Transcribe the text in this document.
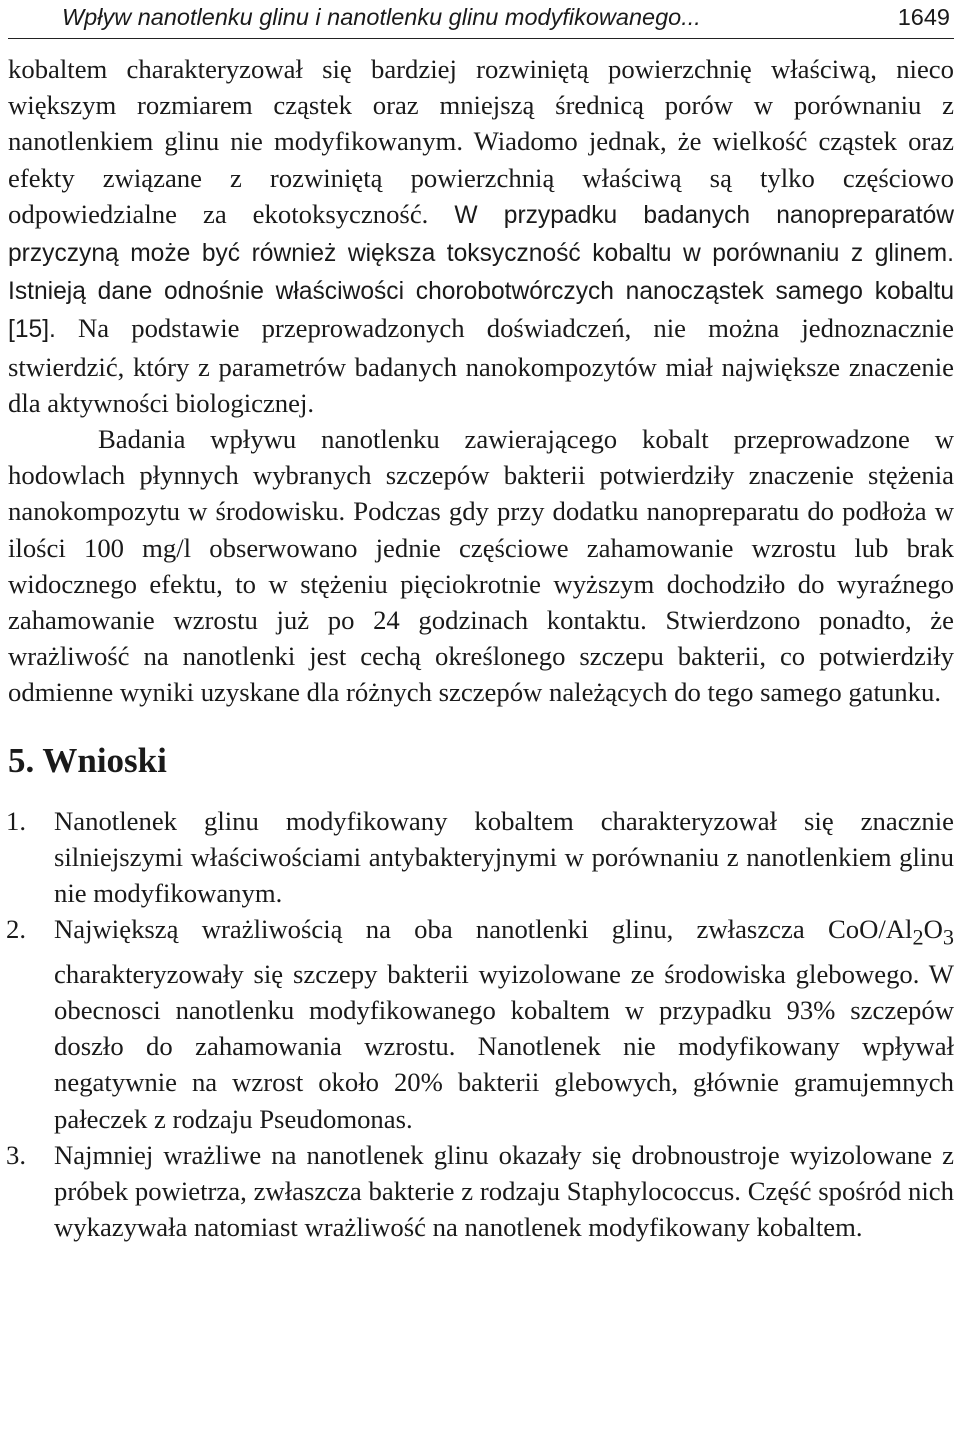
Wpływ nanotlenku glinu i nanotlenku glinu modyfikowanego...	1649

kobaltem charakteryzował się bardziej rozwiniętą powierzchnię właściwą, nieco większym rozmiarem cząstek oraz mniejszą średnicą porów w porównaniu z nanotlenkiem glinu nie modyfikowanym. Wiadomo jednak, że wielkość cząstek oraz efekty związane z rozwiniętą powierzchnią właściwą są tylko częściowo odpowiedzialne za ekotoksyczność. W przypadku badanych nanopreparatów przyczyną może być również większa toksyczność kobaltu w porównaniu z glinem. Istnieją dane odnośnie właściwości chorobotwórczych nanocząstek samego kobaltu [15]. Na podstawie przeprowadzonych doświadczeń, nie można jednoznacznie stwierdzić, który z parametrów badanych nanokompozytów miał największe znaczenie dla aktywności biologicznej.

Badania wpływu nanotlenku zawierającego kobalt przeprowadzone w hodowlach płynnych wybranych szczepów bakterii potwierdziły znaczenie stężenia nanokompozytu w środowisku. Podczas gdy przy dodatku nanopreparatu do podłoża w ilości 100 mg/l obserwowano jednie częściowe zahamowanie wzrostu lub brak widocznego efektu, to w stężeniu pięciokrotnie wyższym dochodziło do wyraźnego zahamowanie wzrostu już po 24 godzinach kontaktu. Stwierdzono ponadto, że wrażliwość na nanotlenki jest cechą określonego szczepu bakterii, co potwierdziły odmienne wyniki uzyskane dla różnych szczepów należących do tego samego gatunku.

5. Wnioski
1. Nanotlenek glinu modyfikowany kobaltem charakteryzował się znacznie silniejszymi właściwościami antybakteryjnymi w porównaniu z nanotlenkiem glinu nie modyfikowanym.
2. Największą wrażliwością na oba nanotlenki glinu, zwłaszcza CoO/$Al_2O_3$ charakteryzowały się szczepy bakterii wyizolowane ze środowiska glebowego. W obecnosci nanotlenku modyfikowanego kobaltem w przypadku 93% szczepów doszło do zahamowania wzrostu. Nanotlenek nie modyfikowany wpływał negatywnie na wzrost około 20% bakterii glebowych, głównie gramujemnych pałeczek z rodzaju Pseudomonas.
3. Najmniej wrażliwe na nanotlenek glinu okazały się drobnoustroje wyizolowane z próbek powietrza, zwłaszcza bakterie z rodzaju Staphylococcus. Część spośród nich wykazywała natomiast wrażliwość na nanotlenek modyfikowany kobaltem.
